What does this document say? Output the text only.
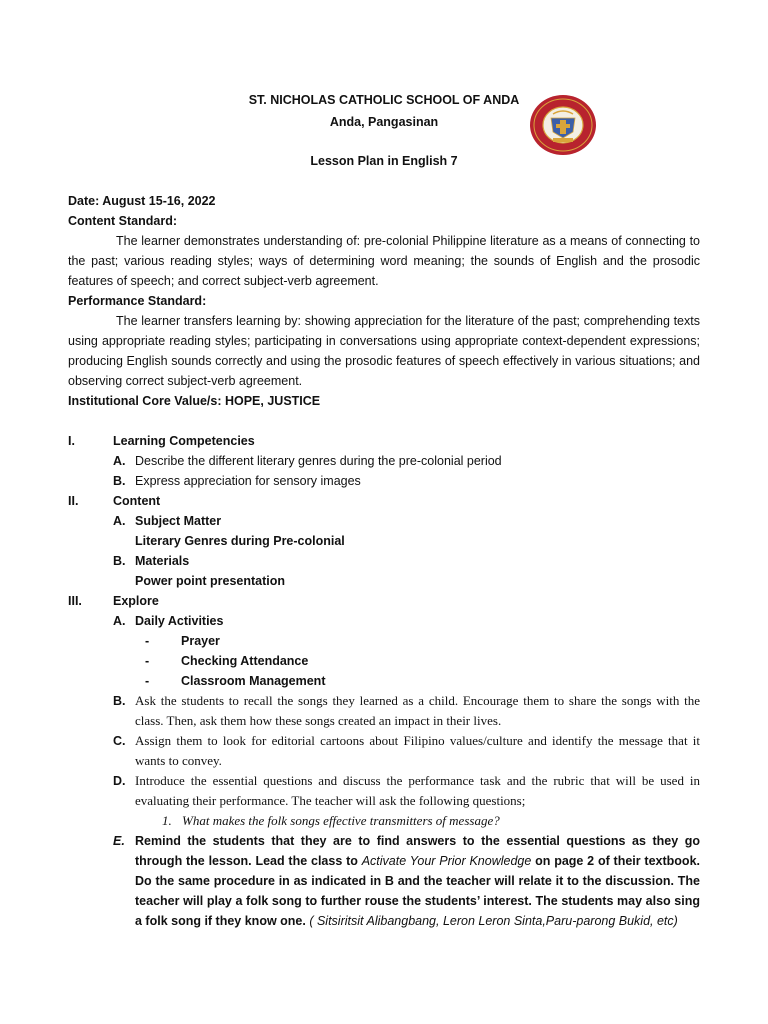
ST. NICHOLAS CATHOLIC SCHOOL OF ANDA
Anda, Pangasinan
Lesson Plan in English 7
Date: August 15-16, 2022
Content Standard:
The learner demonstrates understanding of: pre-colonial Philippine literature as a means of connecting to the past; various reading styles; ways of determining word meaning; the sounds of English and the prosodic features of speech; and correct subject-verb agreement.
Performance Standard:
The learner transfers learning by: showing appreciation for the literature of the past; comprehending texts using appropriate reading styles; participating in conversations using appropriate context-dependent expressions; producing English sounds correctly and using the prosodic features of speech effectively in various situations; and observing correct subject-verb agreement.
Institutional Core Value/s: HOPE, JUSTICE
I.	Learning Competencies
A. Describe the different literary genres during the pre-colonial period
B. Express appreciation for sensory images
II.	Content
A. Subject Matter
Literary Genres during Pre-colonial
B. Materials
Power point presentation
III.	Explore
A. Daily Activities
-	Prayer
-	Checking Attendance
-	Classroom Management
B. Ask the students to recall the songs they learned as a child. Encourage them to share the songs with the class. Then, ask them how these songs created an impact in their lives.
C. Assign them to look for editorial cartoons about Filipino values/culture and identify the message that it wants to convey.
D. Introduce the essential questions and discuss the performance task and the rubric that will be used in evaluating their performance. The teacher will ask the following questions;
1. What makes the folk songs effective transmitters of message?
E. Remind the students that they are to find answers to the essential questions as they go through the lesson. Lead the class to Activate Your Prior Knowledge on page 2 of their textbook. Do the same procedure in as indicated in B and the teacher will relate it to the discussion. The teacher will play a folk song to further rouse the students’ interest. The students may also sing a folk song if they know one. ( Sitsiritsit Alibangbang, Leron Leron Sinta,Paru-parong Bukid, etc)
